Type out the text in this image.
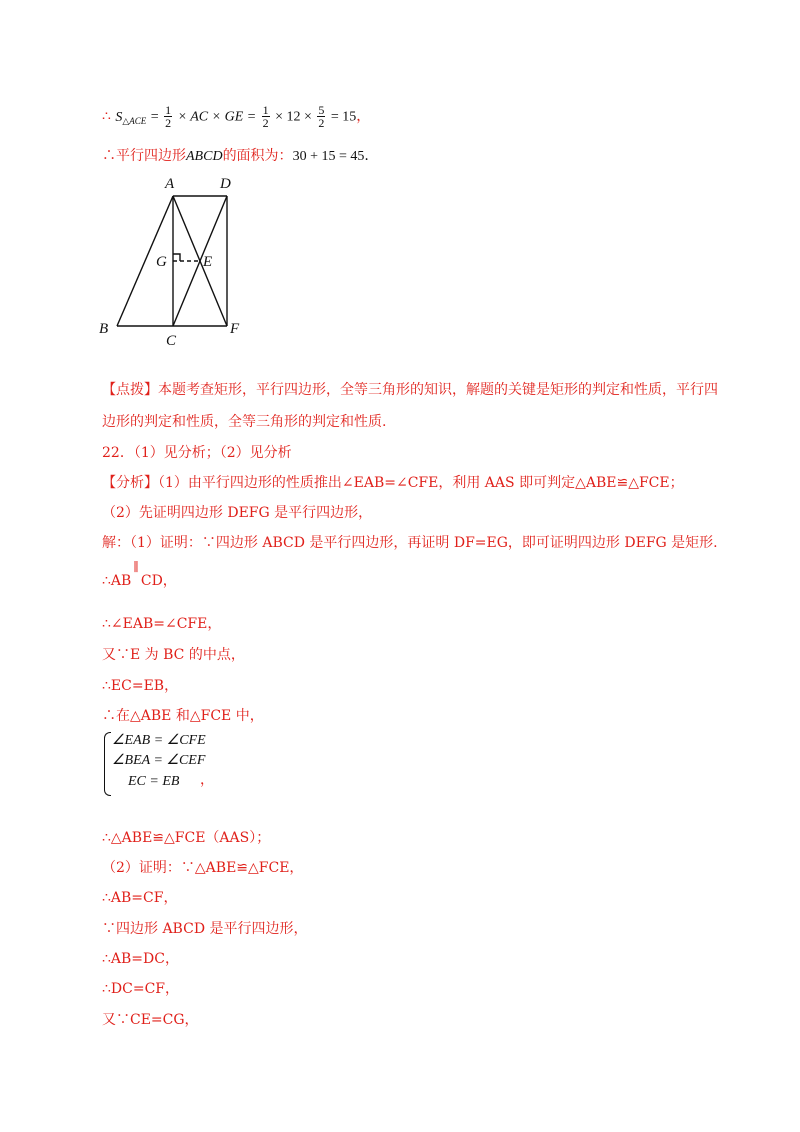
∴ $S_{\triangle ACE} = \frac{1}{2}$ × AC × GE = $\frac{1}{2} \times 12 \times \frac{5}{2} = 15$，
∴平行四边形ABCD的面积为：30 + 15 = 45.
A	D
G E
B
C
F
【点拨】本题考查矩形，平行四边形，全等三角形的知识，解题的关键是矩形的判定和性质，平行四
边形的判定和性质，全等三角形的判定和性质.
22．（1）见分析；（2）见分析
【分析】（1）由平行四边形的性质推出∠EAB=∠CFE，利用 AAS 即可判定△ABE≌△FCE；
（2）先证明四边形 DEFG 是平行四边形，
解：（1）证明：∵四边形 ABCD 是平行四边形，再证明 DF=EG，即可证明四边形 DEFG 是矩形.
∴AB∥CD，
∴∠EAB=∠CFE，
又∵E 为 BC 的中点，
∴EC=EB，
∴在△ABE 和△FCE 中，
∠EAB = ∠CFE
∠BEA = ∠CEF
EC = EB ，
∴△ABE≌△FCE（AAS）；
（2）证明：∵△ABE≌△FCE，
∴AB=CF，
∵四边形 ABCD 是平行四边形，
∴AB=DC，
∴DC=CF，
又∵CE=CG，
